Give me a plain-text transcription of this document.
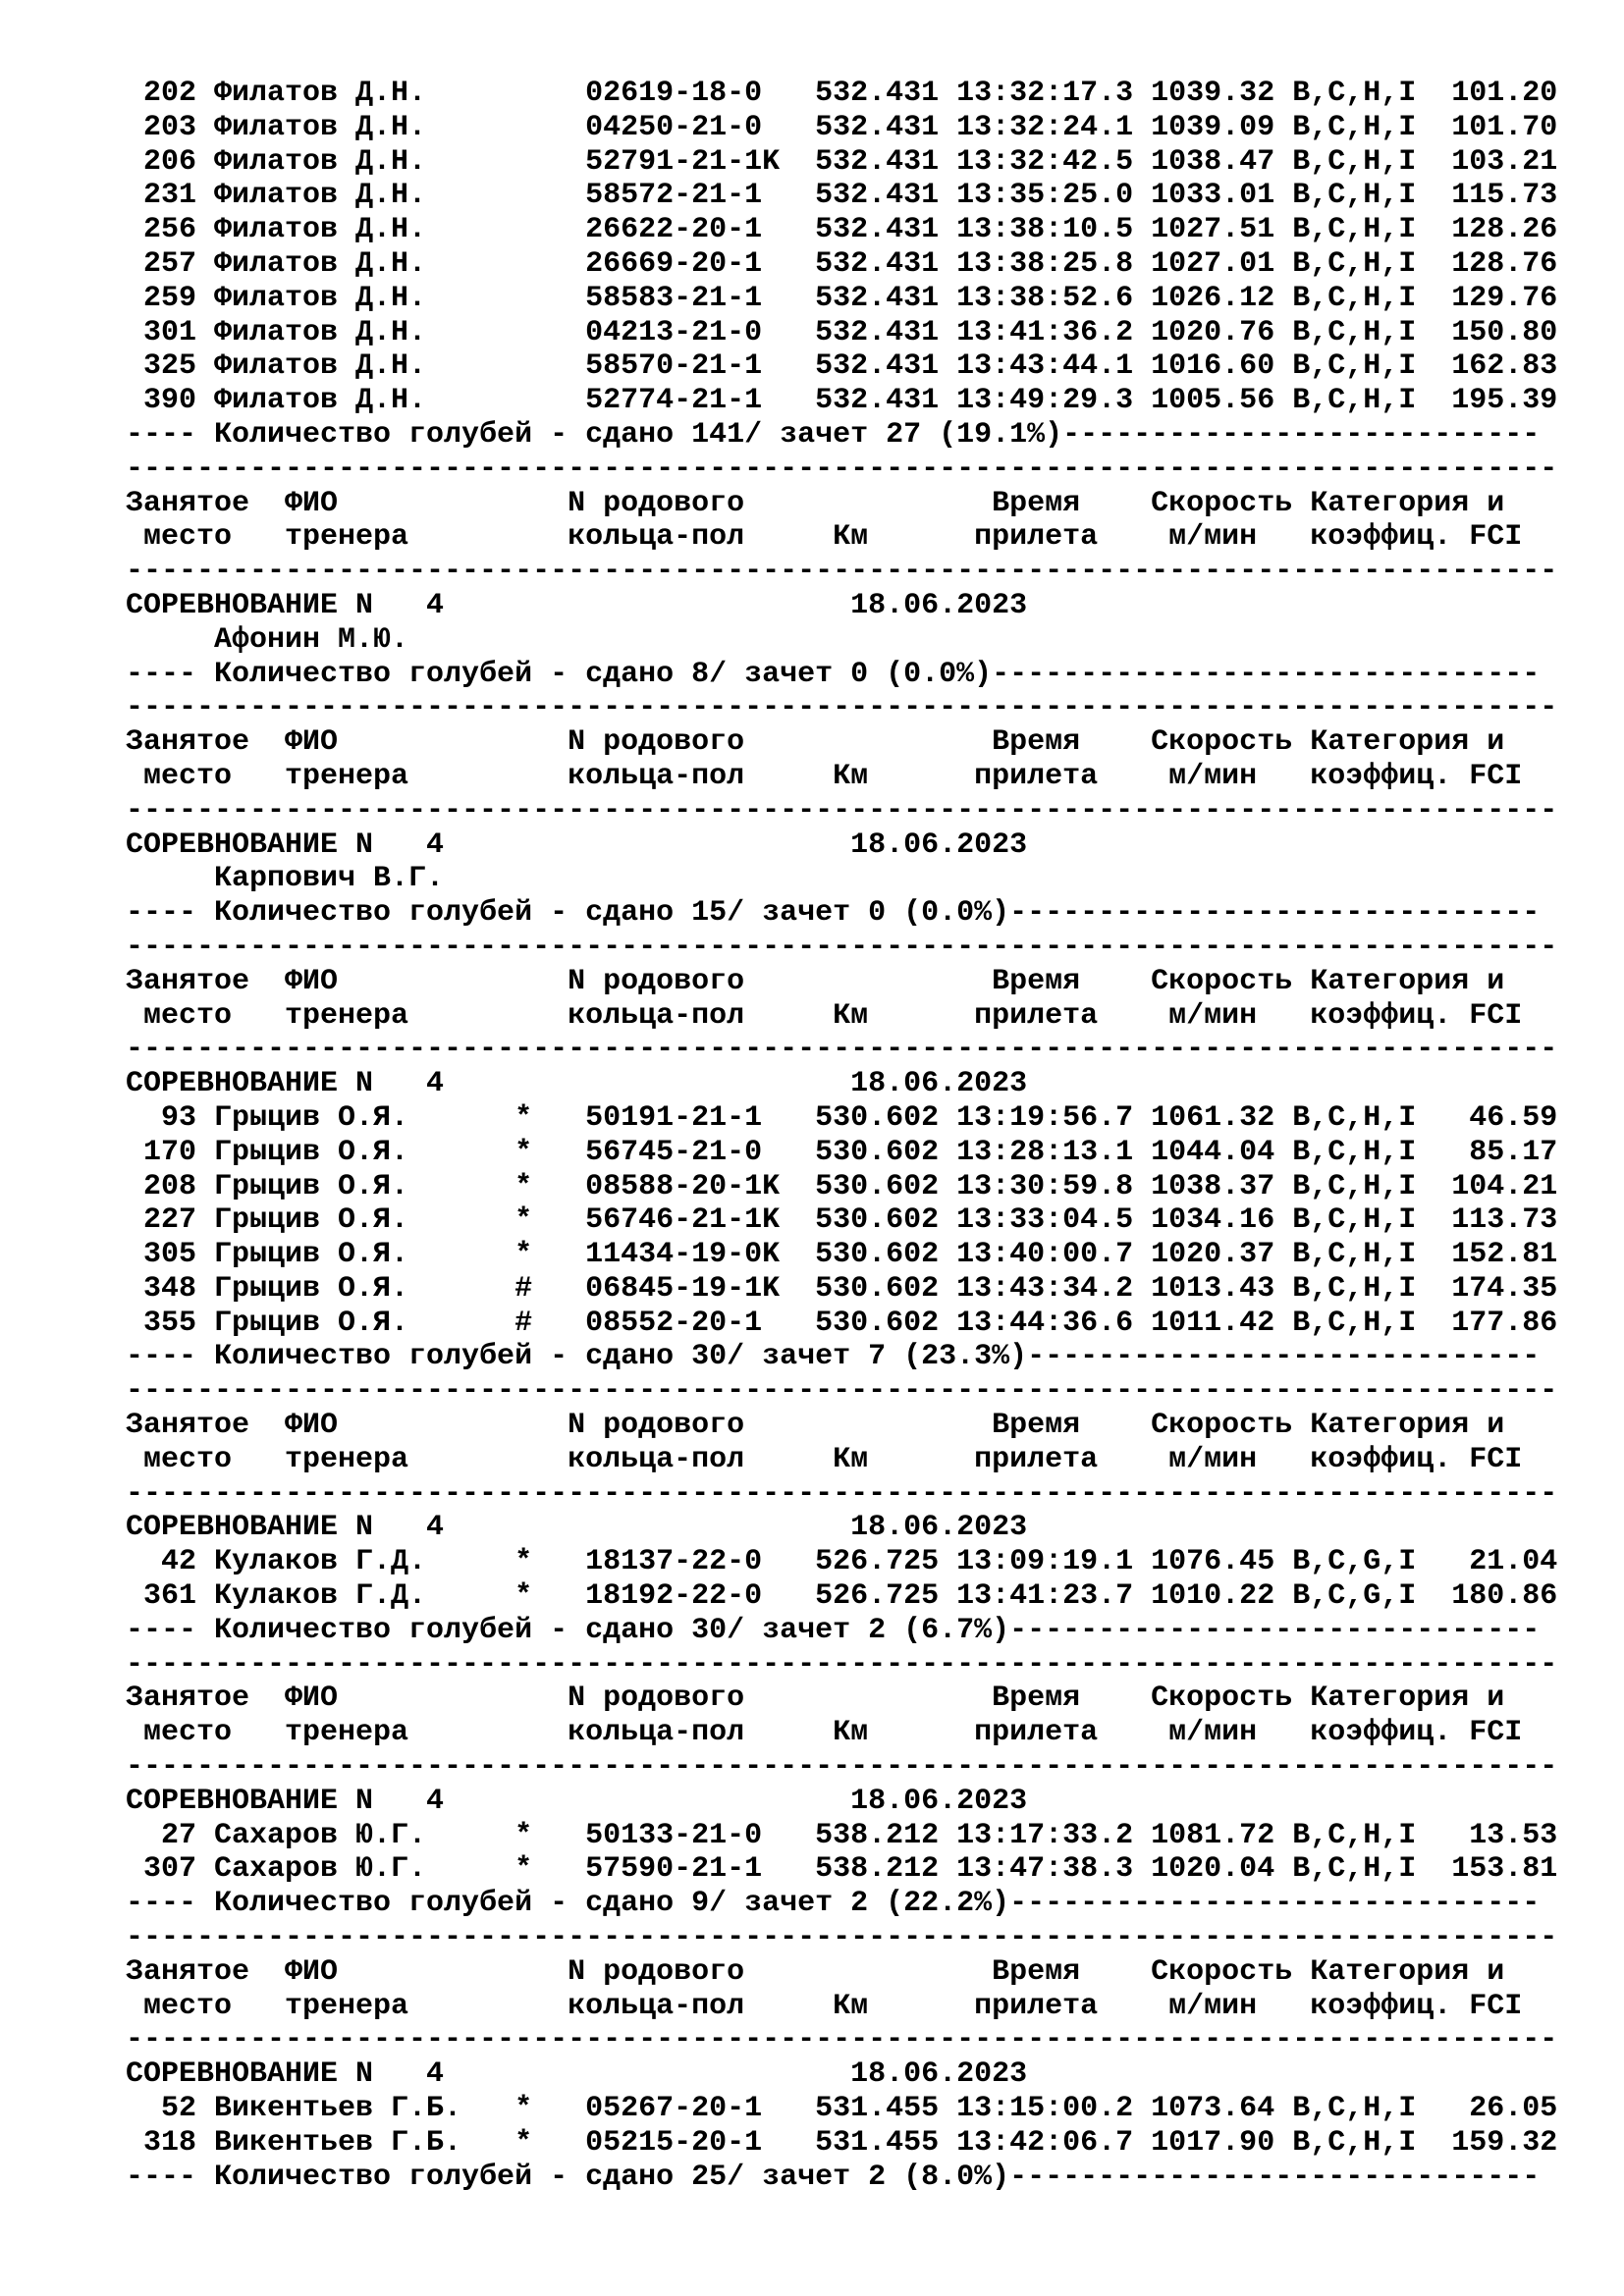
202 Филатов Д.Н.         02619-18-0   532.431 13:32:17.3 1039.32 B,C,H,I  101.20
203 Филатов Д.Н.         04250-21-0   532.431 13:32:24.1 1039.09 B,C,H,I  101.70
206 Филатов Д.Н.         52791-21-1K  532.431 13:32:42.5 1038.47 B,C,H,I  103.21
231 Филатов Д.Н.         58572-21-1   532.431 13:35:25.0 1033.01 B,C,H,I  115.73
256 Филатов Д.Н.         26622-20-1   532.431 13:38:10.5 1027.51 B,C,H,I  128.26
257 Филатов Д.Н.         26669-20-1   532.431 13:38:25.8 1027.01 B,C,H,I  128.76
259 Филатов Д.Н.         58583-21-1   532.431 13:38:52.6 1026.12 B,C,H,I  129.76
301 Филатов Д.Н.         04213-21-0   532.431 13:41:36.2 1020.76 B,C,H,I  150.80
325 Филатов Д.Н.         58570-21-1   532.431 13:43:44.1 1016.60 B,C,H,I  162.83
390 Филатов Д.Н.         52774-21-1   532.431 13:49:29.3 1005.56 B,C,H,I  195.39
---- Количество голубей - сдано 141/ зачет 27 (19.1%)---------------------------
---------------------------------------------------------------------------------
Занятое  ФИО             N родового              Время    Скорость Категория и
место   тренера         кольца-пол     Км      прилета    м/мин   коэффиц. FCI
---------------------------------------------------------------------------------
СОРЕВНОВАНИЕ N   4                       18.06.2023
Афонин М.Ю.
---- Количество голубей - сдано 8/ зачет 0 (0.0%)-------------------------------
---------------------------------------------------------------------------------
Занятое  ФИО             N родового              Время    Скорость Категория и
место   тренера         кольца-пол     Км      прилета    м/мин   коэффиц. FCI
---------------------------------------------------------------------------------
СОРЕВНОВАНИЕ N   4                       18.06.2023
Карпович В.Г.
---- Количество голубей - сдано 15/ зачет 0 (0.0%)------------------------------
---------------------------------------------------------------------------------
Занятое  ФИО             N родового              Время    Скорость Категория и
место   тренера         кольца-пол     Км      прилета    м/мин   коэффиц. FCI
---------------------------------------------------------------------------------
СОРЕВНОВАНИЕ N   4                       18.06.2023
93 Грыцив О.Я.      *   50191-21-1   530.602 13:19:56.7 1061.32 B,C,H,I   46.59
170 Грыцив О.Я.      *   56745-21-0   530.602 13:28:13.1 1044.04 B,C,H,I   85.17
208 Грыцив О.Я.      *   08588-20-1K  530.602 13:30:59.8 1038.37 B,C,H,I  104.21
227 Грыцив О.Я.      *   56746-21-1K  530.602 13:33:04.5 1034.16 B,C,H,I  113.73
305 Грыцив О.Я.      *   11434-19-0K  530.602 13:40:00.7 1020.37 B,C,H,I  152.81
348 Грыцив О.Я.      #   06845-19-1K  530.602 13:43:34.2 1013.43 B,C,H,I  174.35
355 Грыцив О.Я.      #   08552-20-1   530.602 13:44:36.6 1011.42 B,C,H,I  177.86
---- Количество голубей - сдано 30/ зачет 7 (23.3%)-----------------------------
---------------------------------------------------------------------------------
Занятое  ФИО             N родового              Время    Скорость Категория и
место   тренера         кольца-пол     Км      прилета    м/мин   коэффиц. FCI
---------------------------------------------------------------------------------
СОРЕВНОВАНИЕ N   4                       18.06.2023
42 Кулаков Г.Д.     *   18137-22-0   526.725 13:09:19.1 1076.45 B,C,G,I   21.04
361 Кулаков Г.Д.     *   18192-22-0   526.725 13:41:23.7 1010.22 B,C,G,I  180.86
---- Количество голубей - сдано 30/ зачет 2 (6.7%)------------------------------
---------------------------------------------------------------------------------
Занятое  ФИО             N родового              Время    Скорость Категория и
место   тренера         кольца-пол     Км      прилета    м/мин   коэффиц. FCI
---------------------------------------------------------------------------------
СОРЕВНОВАНИЕ N   4                       18.06.2023
27 Сахаров Ю.Г.     *   50133-21-0   538.212 13:17:33.2 1081.72 B,C,H,I   13.53
307 Сахаров Ю.Г.     *   57590-21-1   538.212 13:47:38.3 1020.04 B,C,H,I  153.81
---- Количество голубей - сдано 9/ зачет 2 (22.2%)------------------------------
---------------------------------------------------------------------------------
Занятое  ФИО             N родового              Время    Скорость Категория и
место   тренера         кольца-пол     Км      прилета    м/мин   коэффиц. FCI
---------------------------------------------------------------------------------
СОРЕВНОВАНИЕ N   4                       18.06.2023
52 Викентьев Г.Б.   *   05267-20-1   531.455 13:15:00.2 1073.64 B,C,H,I   26.05
318 Викентьев Г.Б.   *   05215-20-1   531.455 13:42:06.7 1017.90 B,C,H,I  159.32
---- Количество голубей - сдано 25/ зачет 2 (8.0%)------------------------------
